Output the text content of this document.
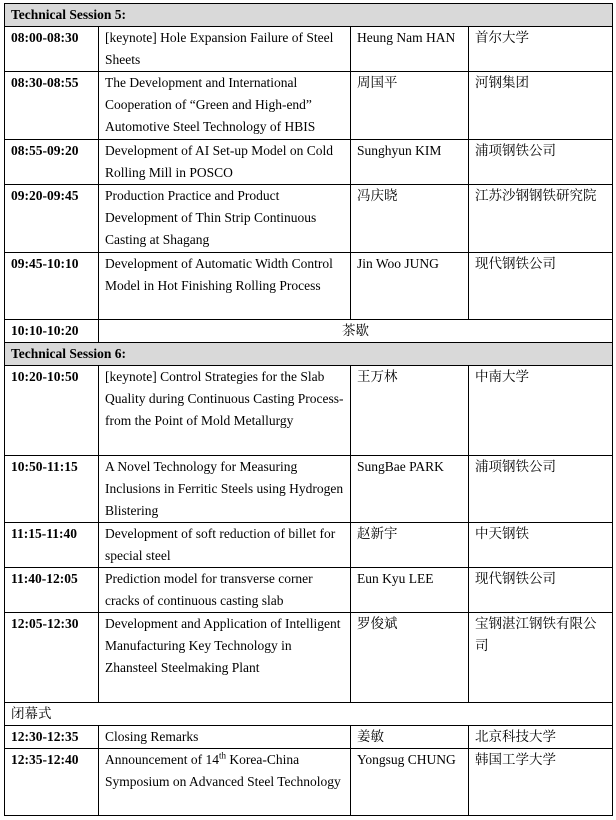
Technical Session 5:			
08:00-08:30	[keynote] Hole Expansion Failure of Steel Sheets	Heung Nam HAN	首尔大学
08:30-08:55	The Development and International Cooperation of “Green and High-end” Automotive Steel Technology of HBIS	周国平	河钢集团
08:55-09:20	Development of AI Set-up Model on Cold Rolling Mill in POSCO	Sunghyun KIM	浦项钢铁公司
09:20-09:45	Production Practice and Product Development of Thin Strip Continuous Casting at Shagang	冯庆晓	江苏沙钢钢铁研究院
09:45-10:10	Development of Automatic Width Control Model in Hot Finishing Rolling Process	Jin Woo JUNG	现代钢铁公司
10:10-10:20	茶歇		
Technical Session 6:			
10:20-10:50	[keynote] Control Strategies for the Slab Quality during Continuous Casting Process-from the Point of Mold Metallurgy	王万林	中南大学
10:50-11:15	A Novel Technology for Measuring Inclusions in Ferritic Steels using Hydrogen Blistering	SungBae PARK	浦项钢铁公司
11:15-11:40	Development of soft reduction of billet for special steel	赵新宇	中天钢铁
11:40-12:05	Prediction model for transverse corner cracks of continuous casting slab	Eun Kyu LEE	现代钢铁公司
12:05-12:30	Development and Application of Intelligent Manufacturing Key Technology in Zhansteel Steelmaking Plant	罗俊斌	宝钢湛江钢铁有限公司
闭幕式			
12:30-12:35	Closing Remarks	姜敏	北京科技大学
12:35-12:40	Announcement of 14th Korea-China Symposium on Advanced Steel Technology	Yongsug CHUNG	韩国工学大学
